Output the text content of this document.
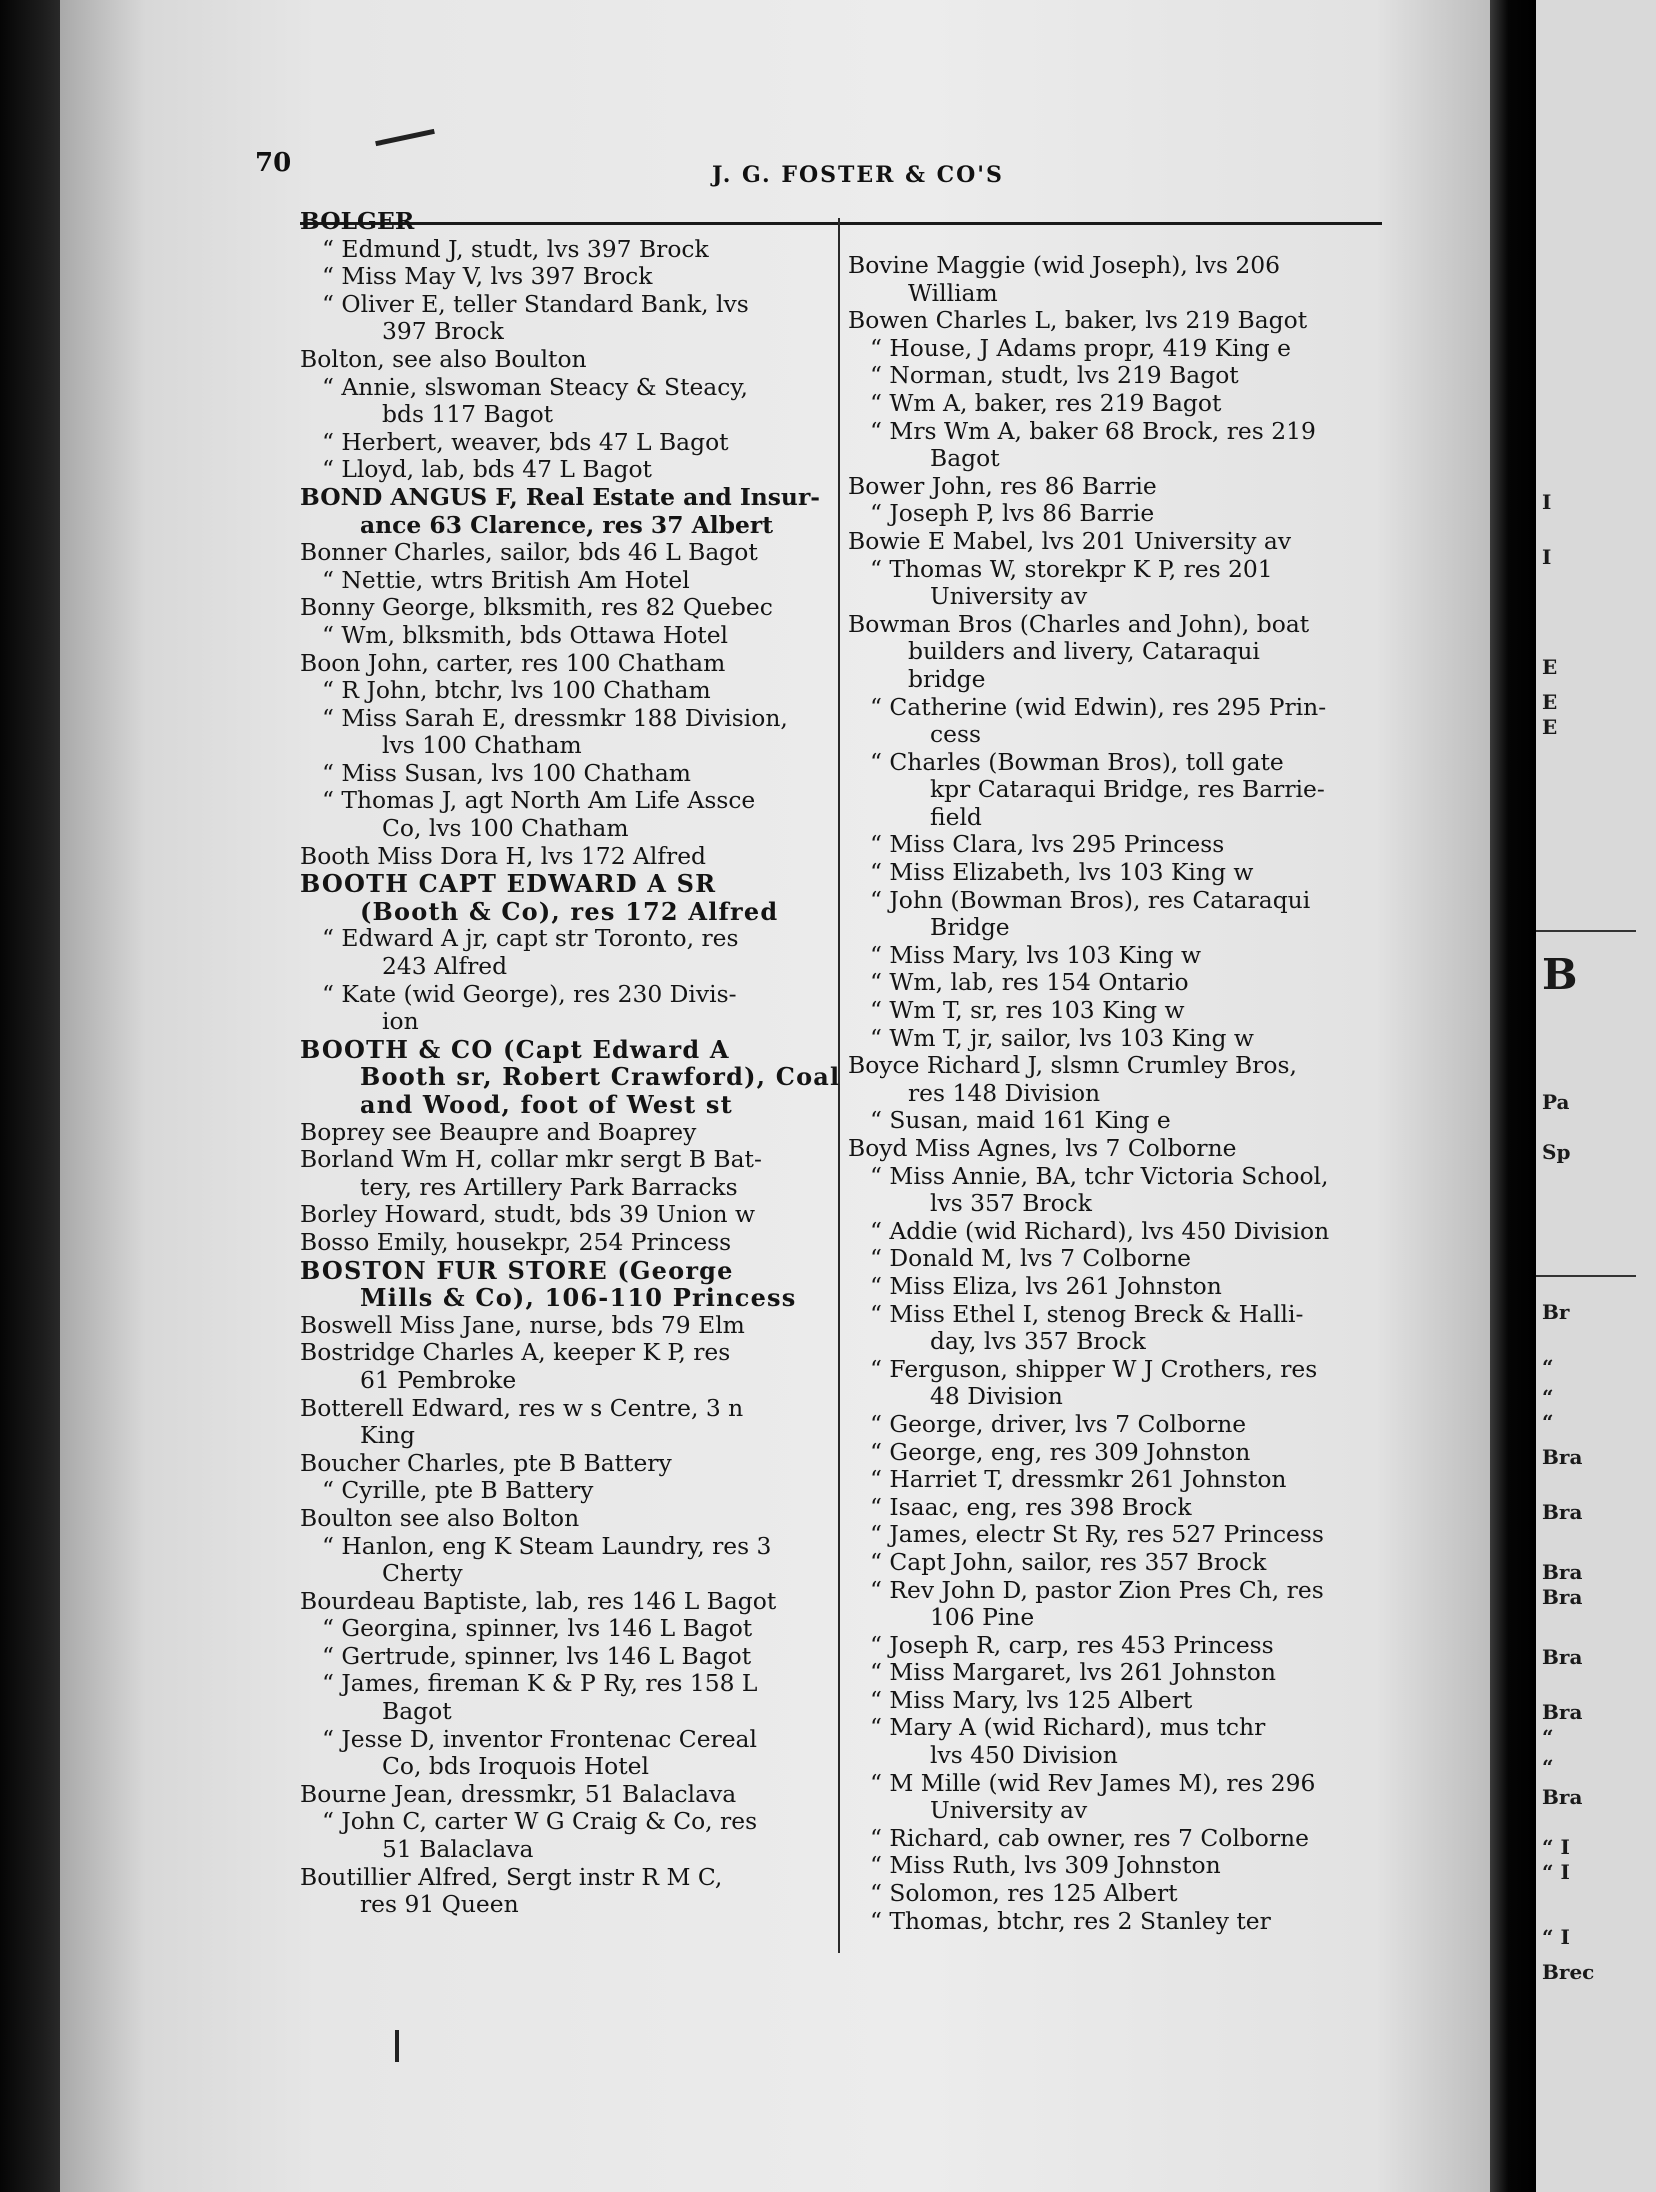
70	J. G. FOSTER & CO'S
BOLGER
“ Edmund J, studt, lvs 397 Brock
“ Miss May V, lvs 397 Brock
“ Oliver E, teller Standard Bank, lvs
397 Brock
Bolton, see also Boulton
“ Annie, slswoman Steacy & Steacy,
bds 117 Bagot
“ Herbert, weaver, bds 47 L Bagot
“ Lloyd, lab, bds 47 L Bagot
BOND ANGUS F, Real Estate and Insur-
ance 63 Clarence, res 37 Albert
Bonner Charles, sailor, bds 46 L Bagot
“ Nettie, wtrs British Am Hotel
Bonny George, blksmith, res 82 Quebec
“ Wm, blksmith, bds Ottawa Hotel
Boon John, carter, res 100 Chatham
“ R John, btchr, lvs 100 Chatham
“ Miss Sarah E, dressmkr 188 Division,
lvs 100 Chatham
“ Miss Susan, lvs 100 Chatham
“ Thomas J, agt North Am Life Assce
Co, lvs 100 Chatham
Booth Miss Dora H, lvs 172 Alfred
BOOTH CAPT EDWARD A SR
(Booth & Co), res 172 Alfred
“ Edward A jr, capt str Toronto, res
243 Alfred
“ Kate (wid George), res 230 Divis-
ion
BOOTH & CO (Capt Edward A
Booth sr, Robert Crawford), Coal
and Wood, foot of West st
Boprey see Beaupre and Boaprey
Borland Wm H, collar mkr sergt B Bat-
tery, res Artillery Park Barracks
Borley Howard, studt, bds 39 Union w
Bosso Emily, housekpr, 254 Princess
BOSTON FUR STORE (George
Mills & Co), 106-110 Princess
Boswell Miss Jane, nurse, bds 79 Elm
Bostridge Charles A, keeper K P, res
61 Pembroke
Botterell Edward, res w s Centre, 3 n
King
Boucher Charles, pte B Battery
“ Cyrille, pte B Battery
Boulton see also Bolton
“ Hanlon, eng K Steam Laundry, res 3
Cherty
Bourdeau Baptiste, lab, res 146 L Bagot
“ Georgina, spinner, lvs 146 L Bagot
“ Gertrude, spinner, lvs 146 L Bagot
“ James, fireman K & P Ry, res 158 L
Bagot
“ Jesse D, inventor Frontenac Cereal
Co, bds Iroquois Hotel
Bourne Jean, dressmkr, 51 Balaclava
“ John C, carter W G Craig & Co, res
51 Balaclava
Boutillier Alfred, Sergt instr R M C,
res 91 Queen
Bovine Maggie (wid Joseph), lvs 206
William
Bowen Charles L, baker, lvs 219 Bagot
“ House, J Adams propr, 419 King e
“ Norman, studt, lvs 219 Bagot
“ Wm A, baker, res 219 Bagot
“ Mrs Wm A, baker 68 Brock, res 219
Bagot
Bower John, res 86 Barrie
“ Joseph P, lvs 86 Barrie
Bowie E Mabel, lvs 201 University av
“ Thomas W, storekpr K P, res 201
University av
Bowman Bros (Charles and John), boat
builders and livery, Cataraqui
bridge
“ Catherine (wid Edwin), res 295 Prin-
cess
“ Charles (Bowman Bros), toll gate
kpr Cataraqui Bridge, res Barrie-
field
“ Miss Clara, lvs 295 Princess
“ Miss Elizabeth, lvs 103 King w
“ John (Bowman Bros), res Cataraqui
Bridge
“ Miss Mary, lvs 103 King w
“ Wm, lab, res 154 Ontario
“ Wm T, sr, res 103 King w
“ Wm T, jr, sailor, lvs 103 King w
Boyce Richard J, slsmn Crumley Bros,
res 148 Division
“ Susan, maid 161 King e
Boyd Miss Agnes, lvs 7 Colborne
“ Miss Annie, BA, tchr Victoria School,
lvs 357 Brock
“ Addie (wid Richard), lvs 450 Division
“ Donald M, lvs 7 Colborne
“ Miss Eliza, lvs 261 Johnston
“ Miss Ethel I, stenog Breck & Halli-
day, lvs 357 Brock
“ Ferguson, shipper W J Crothers, res
48 Division
“ George, driver, lvs 7 Colborne
“ George, eng, res 309 Johnston
“ Harriet T, dressmkr 261 Johnston
“ Isaac, eng, res 398 Brock
“ James, electr St Ry, res 527 Princess
“ Capt John, sailor, res 357 Brock
“ Rev John D, pastor Zion Pres Ch, res
106 Pine
“ Joseph R, carp, res 453 Princess
“ Miss Margaret, lvs 261 Johnston
“ Miss Mary, lvs 125 Albert
“ Mary A (wid Richard), mus tchr
lvs 450 Division
“ M Mille (wid Rev James M), res 296
University av
“ Richard, cab owner, res 7 Colborne
“ Miss Ruth, lvs 309 Johnston
“ Solomon, res 125 Albert
“ Thomas, btchr, res 2 Stanley ter
I
I
E
E
E
B
Pa
Sp
Br
“
“
“
Bra
Bra
Bra
Bra
Bra
Bra
“
“
Bra
“ I
“ I
“ I
Brec
